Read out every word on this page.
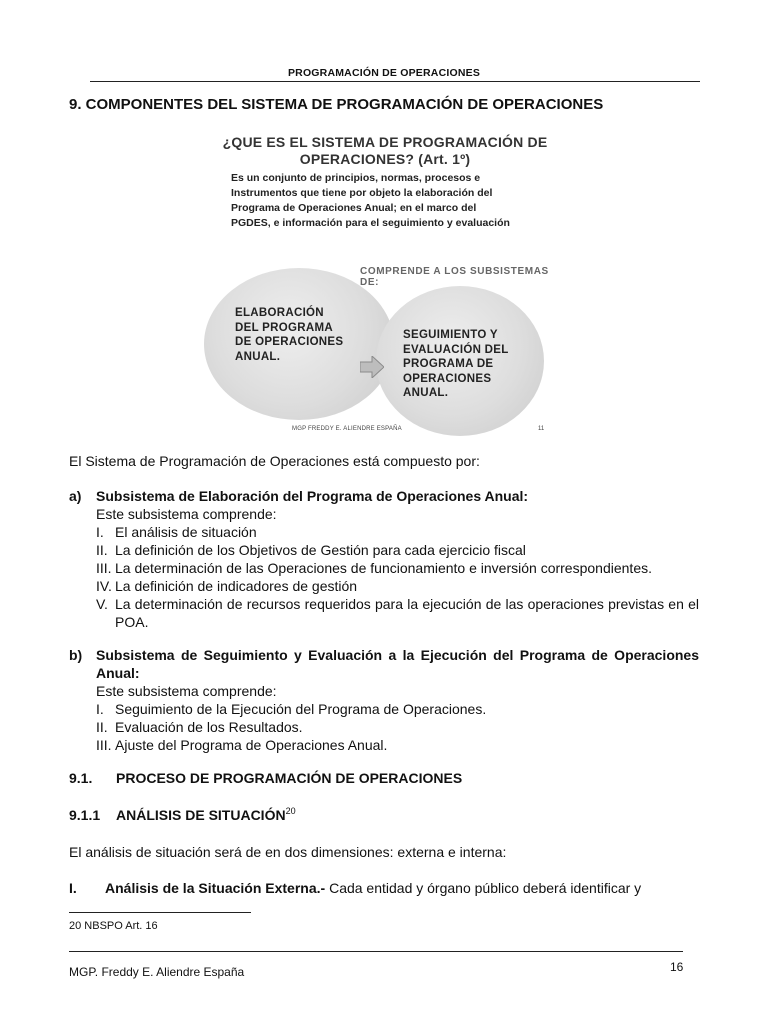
PROGRAMACIÓN DE OPERACIONES
9. COMPONENTES DEL SISTEMA DE PROGRAMACIÓN DE OPERACIONES
¿QUE ES EL SISTEMA DE PROGRAMACIÓN DE
OPERACIONES? (Art. 1º)
Es un conjunto de principios, normas, procesos e
Instrumentos que tiene por objeto la elaboración del
Programa de Operaciones Anual; en el marco del
PGDES, e información para el seguimiento y evaluación
COMPRENDE A LOS SUBSISTEMAS DE:
ELABORACIÓN
DEL PROGRAMA
DE OPERACIONES
ANUAL.
SEGUIMIENTO Y
EVALUACIÓN DEL
PROGRAMA DE
OPERACIONES
ANUAL.
MGP FREDDY E. ALIENDRE ESPAÑA	11
El Sistema de Programación de Operaciones está compuesto por:
a) Subsistema de Elaboración del Programa de Operaciones Anual:
Este subsistema comprende:
I. El análisis de situación
II. La definición de los Objetivos de Gestión para cada ejercicio fiscal
III. La determinación de las Operaciones de funcionamiento e inversión correspondientes.
IV. La definición de indicadores de gestión
V. La determinación de recursos requeridos para la ejecución de las operaciones previstas en el POA.
b) Subsistema de Seguimiento y Evaluación a la Ejecución del Programa de Operaciones Anual:
Este subsistema comprende:
I. Seguimiento de la Ejecución del Programa de Operaciones.
II. Evaluación de los Resultados.
III. Ajuste del Programa de Operaciones Anual.
9.1. PROCESO DE PROGRAMACIÓN DE OPERACIONES
9.1.1 ANÁLISIS DE SITUACIÓN$^{20}$
El análisis de situación será de en dos dimensiones: externa e interna:
I. Análisis de la Situación Externa.- Cada entidad y órgano público deberá identificar y
20 NBSPO Art. 16
MGP. Freddy E. Aliendre España	16
